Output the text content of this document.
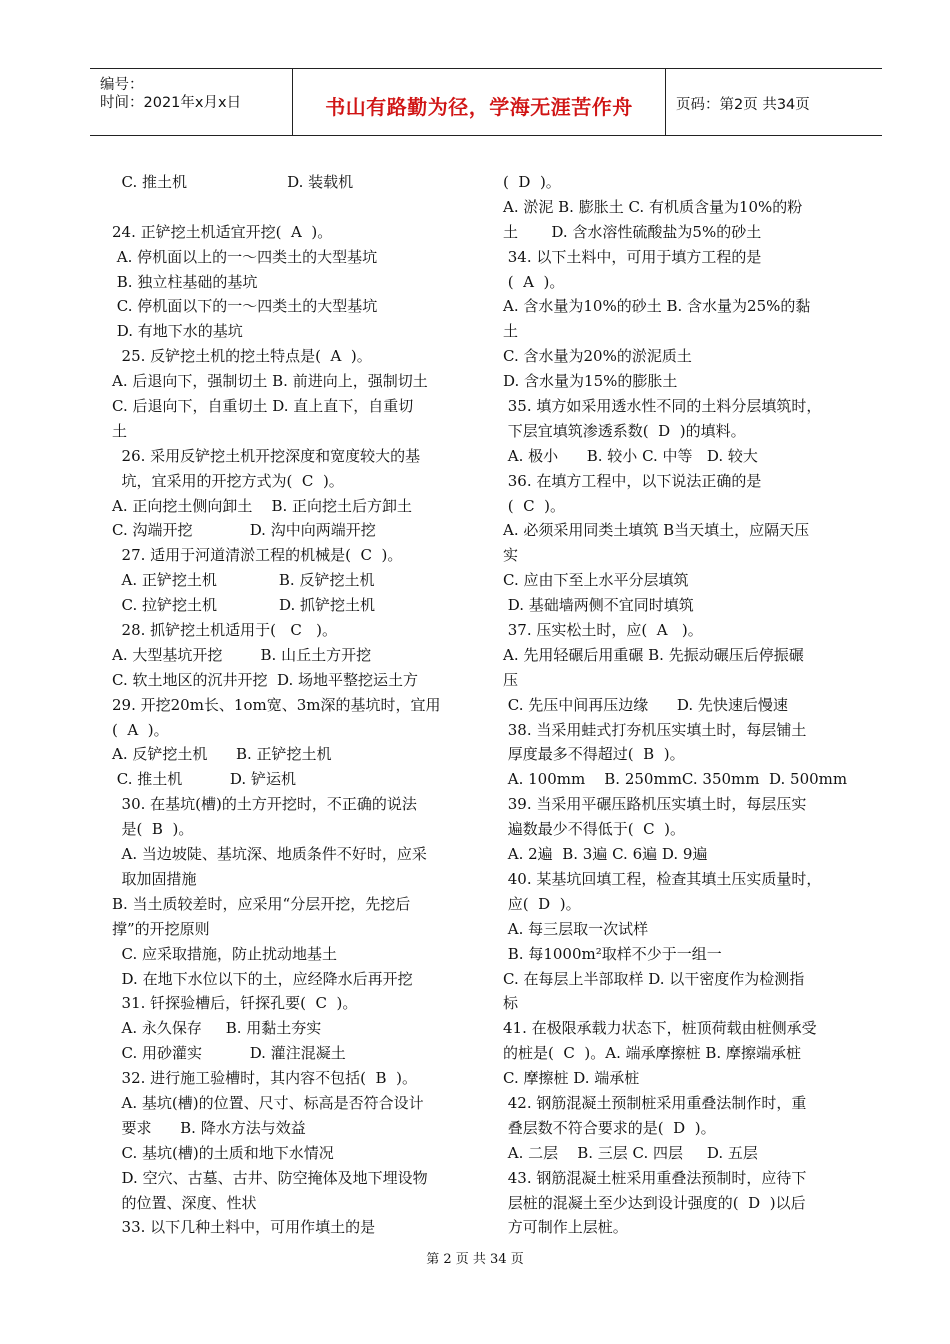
编号：
时间：2021年x月x日	书山有路勤为径，学海无涯苦作舟	页码：第2页 共34页
C. 推土机                     D. 装载机
24. 正铲挖土机适宜开挖(  A  )。
A. 停机面以上的一～四类土的大型基坑
B. 独立柱基础的基坑
C. 停机面以下的一～四类土的大型基坑
D. 有地下水的基坑
25. 反铲挖土机的挖土特点是(  A  )。
A. 后退向下，强制切土 B. 前进向上，强制切土
C. 后退向下，自重切土 D. 直上直下，自重切
土
26. 采用反铲挖土机开挖深度和宽度较大的基
坑，宜采用的开挖方式为(  C  )。
A. 正向挖土侧向卸土    B. 正向挖土后方卸土
C. 沟端开挖            D. 沟中向两端开挖
27. 适用于河道清淤工程的机械是(  C  )。
A. 正铲挖土机             B. 反铲挖土机
C. 拉铲挖土机             D. 抓铲挖土机
28. 抓铲挖土机适用于(   C   )。
A. 大型基坑开挖        B. 山丘土方开挖
C. 软土地区的沉井开挖  D. 场地平整挖运土方
29. 开挖20m长、1om宽、3m深的基坑时，宜用
(  A  )。
A. 反铲挖土机      B. 正铲挖土机
C. 推土机          D. 铲运机
30. 在基坑(槽)的土方开挖时，不正确的说法
是(  B  )。
A. 当边坡陡、基坑深、地质条件不好时，应采
取加固措施
B. 当土质较差时，应采用“分层开挖，先挖后
撑”的开挖原则
C. 应采取措施，防止扰动地基土
D. 在地下水位以下的土，应经降水后再开挖
31. 钎探验槽后，钎探孔要(  C  )。
A. 永久保存     B. 用黏土夯实
C. 用砂灌实          D. 灌注混凝土
32. 进行施工验槽时，其内容不包括(  B  )。
A. 基坑(槽)的位置、尺寸、标高是否符合设计
要求      B. 降水方法与效益
C. 基坑(槽)的土质和地下水情况
D. 空穴、古墓、古井、防空掩体及地下埋设物
的位置、深度、性状
33. 以下几种土料中，可用作填土的是
(  D  )。
A. 淤泥 B. 膨胀土 C. 有机质含量为10%的粉
土       D. 含水溶性硫酸盐为5%的砂土
34. 以下土料中，可用于填方工程的是
(  A  )。
A. 含水量为10%的砂土 B. 含水量为25%的黏
土
C. 含水量为20%的淤泥质土
D. 含水量为15%的膨胀土
35. 填方如采用透水性不同的土料分层填筑时，
下层宜填筑渗透系数(  D  )的填料。
A. 极小      B. 较小 C. 中等   D. 较大
36. 在填方工程中，以下说法正确的是
(  C  )。
A. 必须采用同类土填筑 B当天填土，应隔天压
实
C. 应由下至上水平分层填筑
D. 基础墙两侧不宜同时填筑
37. 压实松土时，应(  A   )。
A. 先用轻碾后用重碾 B. 先振动碾压后停振碾
压
C. 先压中间再压边缘      D. 先快速后慢速
38. 当采用蛙式打夯机压实填土时，每层铺土
厚度最多不得超过(  B  )。
A. 100mm    B. 250mmC. 350mm  D. 500mm
39. 当采用平碾压路机压实填土时，每层压实
遍数最少不得低于(  C  )。
A. 2遍  B. 3遍 C. 6遍 D. 9遍
40. 某基坑回填工程，检查其填土压实质量时，
应(  D  )。
A. 每三层取一次试样
B. 每1000m²取样不少于一组一
C. 在每层上半部取样 D. 以干密度作为检测指
标
41. 在极限承载力状态下，桩顶荷载由桩侧承受
的桩是(  C  )。A. 端承摩擦桩 B. 摩擦端承桩
C. 摩擦桩 D. 端承桩
42. 钢筋混凝土预制桩采用重叠法制作时，重
叠层数不符合要求的是(  D  )。
A. 二层    B. 三层 C. 四层     D. 五层
43. 钢筋混凝土桩采用重叠法预制时，应待下
层桩的混凝土至少达到设计强度的(  D  )以后
方可制作上层桩。
第 2 页 共 34 页
